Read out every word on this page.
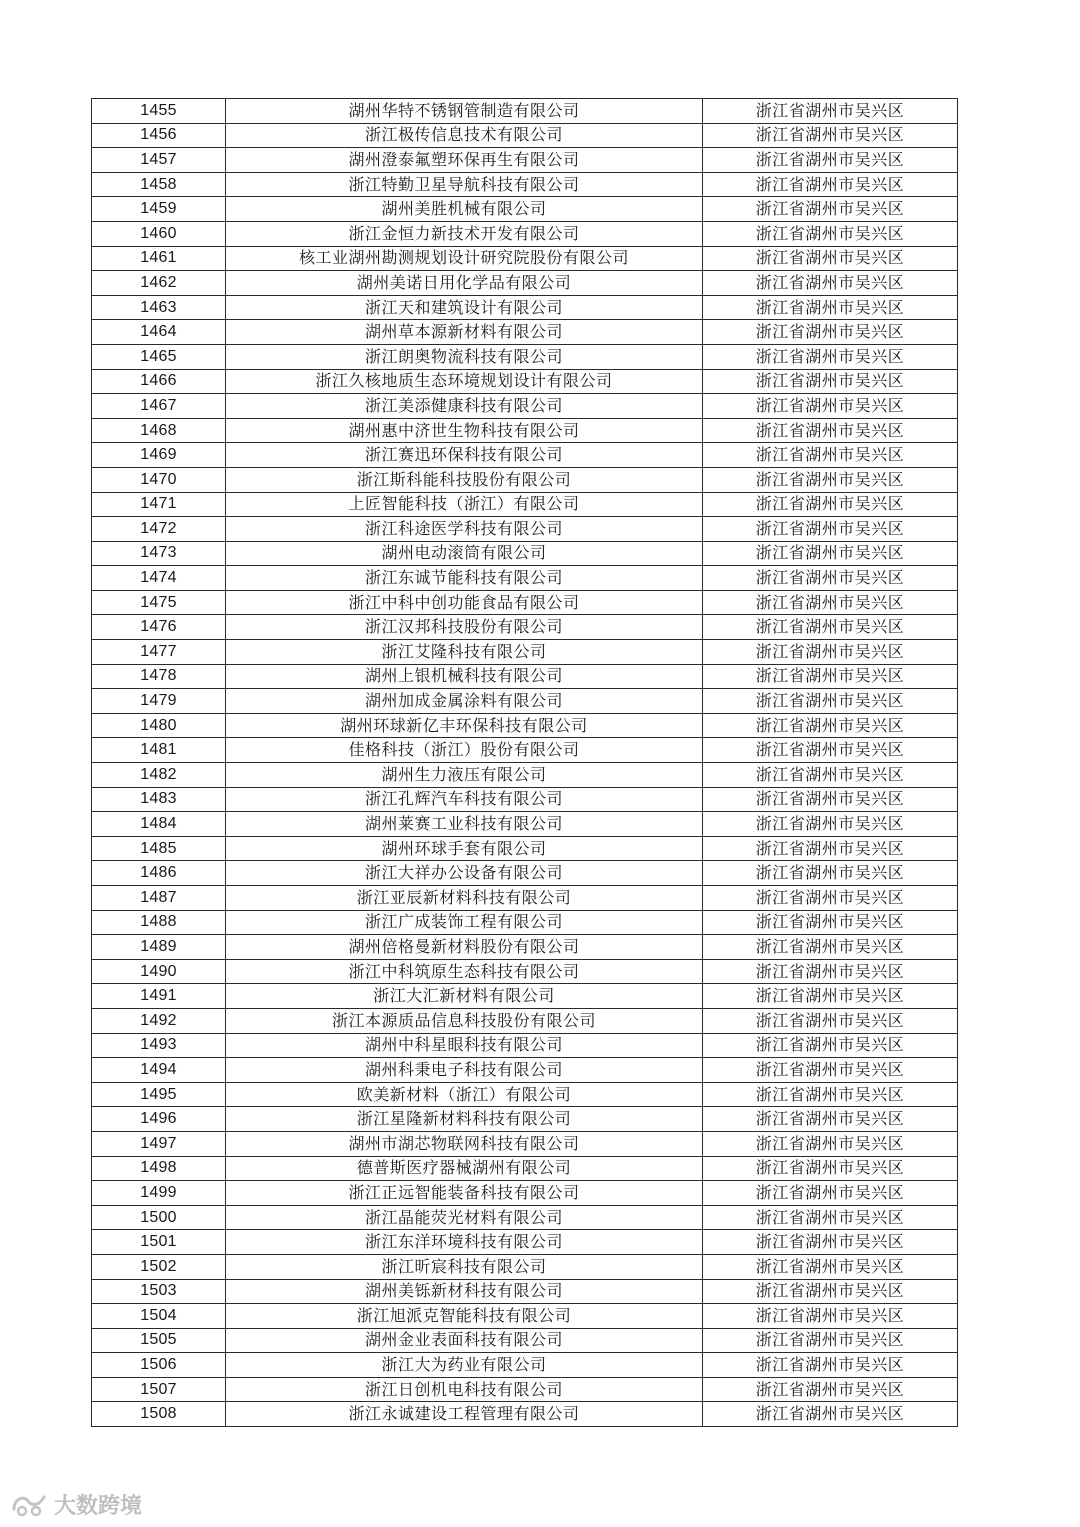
1455	湖州华特不锈钢管制造有限公司	浙江省湖州市吴兴区
1456	浙江极传信息技术有限公司	浙江省湖州市吴兴区
1457	湖州澄泰氟塑环保再生有限公司	浙江省湖州市吴兴区
1458	浙江特勤卫星导航科技有限公司	浙江省湖州市吴兴区
1459	湖州美胜机械有限公司	浙江省湖州市吴兴区
1460	浙江金恒力新技术开发有限公司	浙江省湖州市吴兴区
1461	核工业湖州勘测规划设计研究院股份有限公司	浙江省湖州市吴兴区
1462	湖州美诺日用化学品有限公司	浙江省湖州市吴兴区
1463	浙江天和建筑设计有限公司	浙江省湖州市吴兴区
1464	湖州草本源新材料有限公司	浙江省湖州市吴兴区
1465	浙江朗奥物流科技有限公司	浙江省湖州市吴兴区
1466	浙江久核地质生态环境规划设计有限公司	浙江省湖州市吴兴区
1467	浙江美添健康科技有限公司	浙江省湖州市吴兴区
1468	湖州惠中济世生物科技有限公司	浙江省湖州市吴兴区
1469	浙江赛迅环保科技有限公司	浙江省湖州市吴兴区
1470	浙江斯科能科技股份有限公司	浙江省湖州市吴兴区
1471	上匠智能科技（浙江）有限公司	浙江省湖州市吴兴区
1472	浙江科途医学科技有限公司	浙江省湖州市吴兴区
1473	湖州电动滚筒有限公司	浙江省湖州市吴兴区
1474	浙江东诚节能科技有限公司	浙江省湖州市吴兴区
1475	浙江中科中创功能食品有限公司	浙江省湖州市吴兴区
1476	浙江汉邦科技股份有限公司	浙江省湖州市吴兴区
1477	浙江艾隆科技有限公司	浙江省湖州市吴兴区
1478	湖州上银机械科技有限公司	浙江省湖州市吴兴区
1479	湖州加成金属涂料有限公司	浙江省湖州市吴兴区
1480	湖州环球新亿丰环保科技有限公司	浙江省湖州市吴兴区
1481	佳格科技（浙江）股份有限公司	浙江省湖州市吴兴区
1482	湖州生力液压有限公司	浙江省湖州市吴兴区
1483	浙江孔辉汽车科技有限公司	浙江省湖州市吴兴区
1484	湖州莱赛工业科技有限公司	浙江省湖州市吴兴区
1485	湖州环球手套有限公司	浙江省湖州市吴兴区
1486	浙江大祥办公设备有限公司	浙江省湖州市吴兴区
1487	浙江亚辰新材料科技有限公司	浙江省湖州市吴兴区
1488	浙江广成装饰工程有限公司	浙江省湖州市吴兴区
1489	湖州倍格曼新材料股份有限公司	浙江省湖州市吴兴区
1490	浙江中科筑原生态科技有限公司	浙江省湖州市吴兴区
1491	浙江大汇新材料有限公司	浙江省湖州市吴兴区
1492	浙江本源质品信息科技股份有限公司	浙江省湖州市吴兴区
1493	湖州中科星眼科技有限公司	浙江省湖州市吴兴区
1494	湖州科秉电子科技有限公司	浙江省湖州市吴兴区
1495	欧美新材料（浙江）有限公司	浙江省湖州市吴兴区
1496	浙江星隆新材料科技有限公司	浙江省湖州市吴兴区
1497	湖州市湖芯物联网科技有限公司	浙江省湖州市吴兴区
1498	德普斯医疗器械湖州有限公司	浙江省湖州市吴兴区
1499	浙江正远智能装备科技有限公司	浙江省湖州市吴兴区
1500	浙江晶能荧光材料有限公司	浙江省湖州市吴兴区
1501	浙江东洋环境科技有限公司	浙江省湖州市吴兴区
1502	浙江昕宸科技有限公司	浙江省湖州市吴兴区
1503	湖州美铄新材科技有限公司	浙江省湖州市吴兴区
1504	浙江旭派克智能科技有限公司	浙江省湖州市吴兴区
1505	湖州金业表面科技有限公司	浙江省湖州市吴兴区
1506	浙江大为药业有限公司	浙江省湖州市吴兴区
1507	浙江日创机电科技有限公司	浙江省湖州市吴兴区
1508	浙江永诚建设工程管理有限公司	浙江省湖州市吴兴区
大数跨境
